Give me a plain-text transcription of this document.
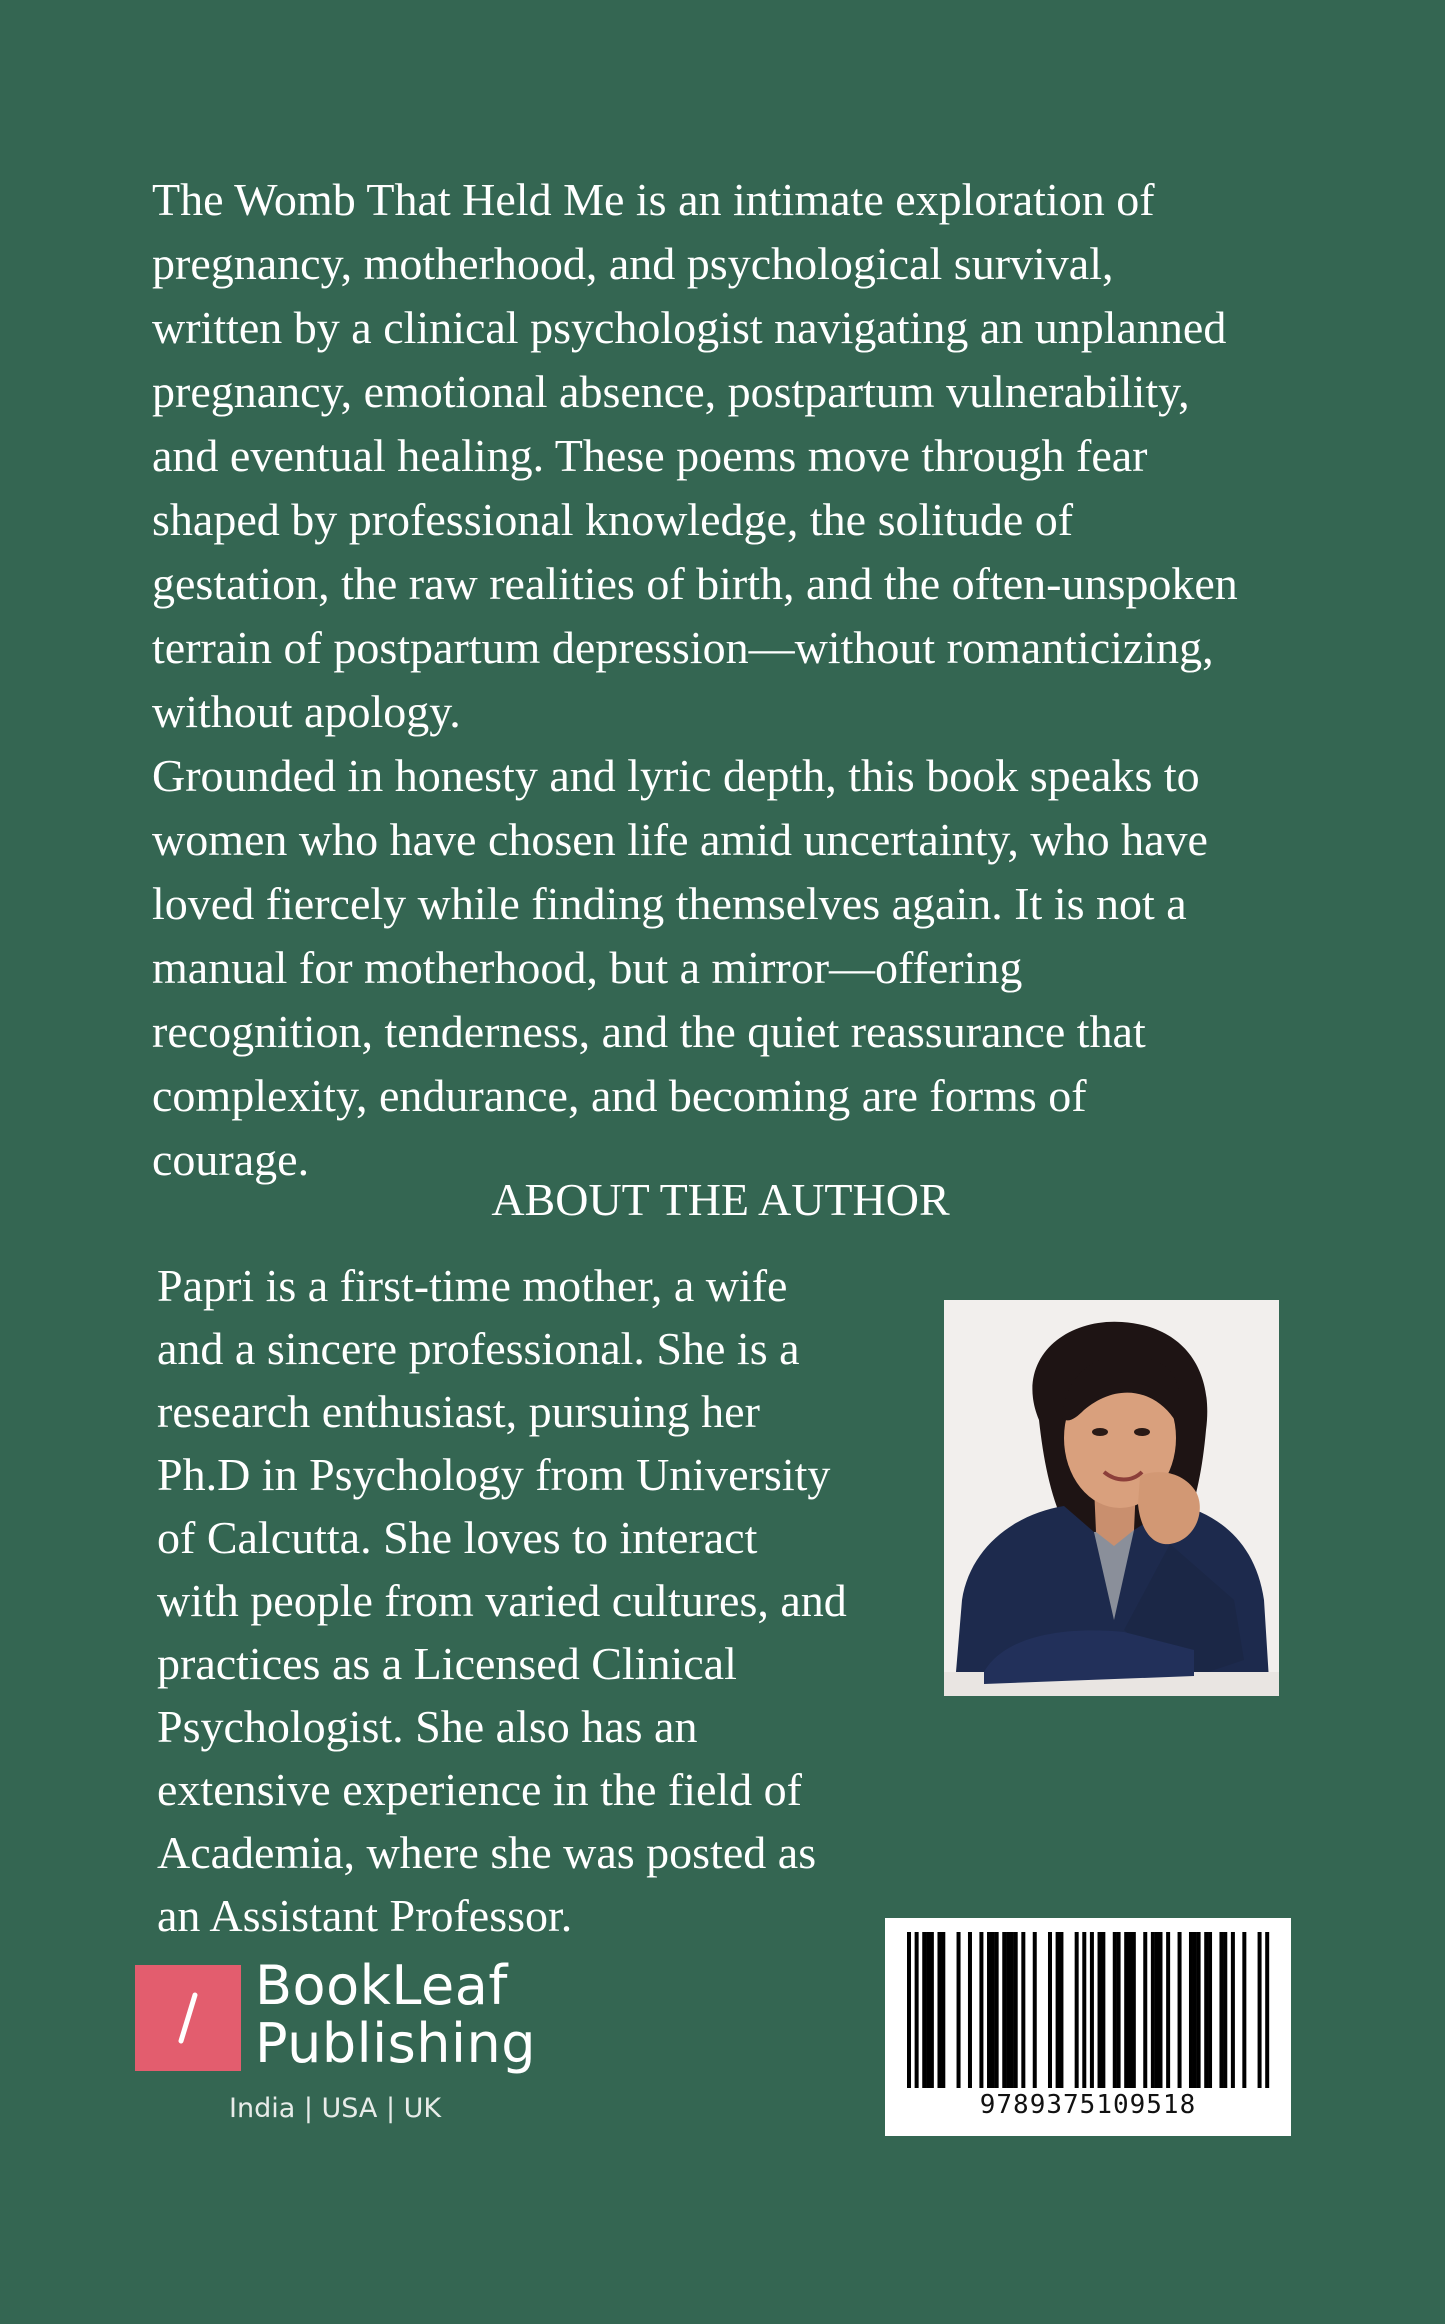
The Womb That Held Me is an intimate exploration of
pregnancy, motherhood, and psychological survival,
written by a clinical psychologist navigating an unplanned
pregnancy, emotional absence, postpartum vulnerability,
and eventual healing. These poems move through fear
shaped by professional knowledge, the solitude of
gestation, the raw realities of birth, and the often-unspoken
terrain of postpartum depression—without romanticizing,
without apology.

Grounded in honesty and lyric depth, this book speaks to
women who have chosen life amid uncertainty, who have
loved fiercely while finding themselves again. It is not a
manual for motherhood, but a mirror—offering
recognition, tenderness, and the quiet reassurance that
complexity, endurance, and becoming are forms of
courage.

ABOUT THE AUTHOR

Papri is a first-time mother, a wife
and a sincere professional. She is a
research enthusiast, pursuing her
Ph.D in Psychology from University
of Calcutta. She loves to interact
with people from varied cultures, and
practices as a Licensed Clinical
Psychologist. She also has an
extensive experience in the field of
Academia, where she was posted as
an Assistant Professor.

BookLeaf
Publishing
India | USA | UK	9789375109518
